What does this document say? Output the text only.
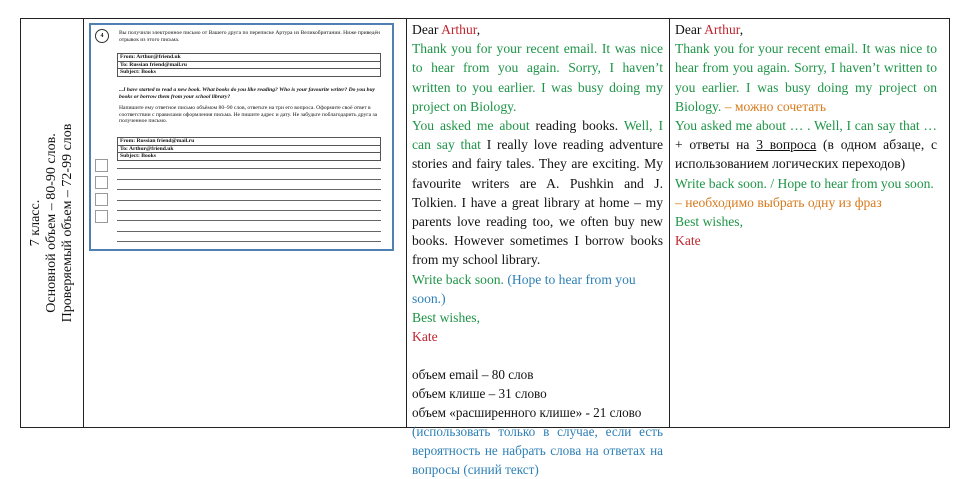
7 класс. Основной объем – 80-90 слов. Проверяемый объем – 72-99 слов
4	Вы получили электронное письмо от Вашего друга по переписке Артура из Великобритании. Ниже приведён отрывок из этого письма.
From: Arthur@friend.uk
To: Russian friend@mail.ru
Subject: Books
...I have started to read a new book. What books do you like reading? Who is your favourite writer? Do you buy books or borrow them from your school library?
Напишите ему ответное письмо объёмом 80–90 слов, ответьте на три его вопроса. Оформите своё ответ в соответствии с правилами оформления письма. Не пишите адрес и дату. Не забудьте поблагодарить друга за полученное письмо.
From: Russian friend@mail.ru
To: Arthur@friend.uk
Subject: Books

Dear Arthur,

Thank you for your recent email. It was nice to hear from you again. Sorry, I haven’t written to you earlier. I was busy doing my project on Biology.

You asked me about reading books. Well, I can say that I really love reading adventure stories and fairy tales. They are exciting. My favourite writers are A. Pushkin and J. Tolkien. I have a great library at home – my parents love reading too, we often buy new books. However sometimes I borrow books from my school library.

Write back soon. (Hope to hear from you soon.)

Best wishes,

Kate

объем email – 80 слов

объем клише – 31 слово

объем «расширенного клише» - 21 слово

(использовать только в случае, если есть вероятность не набрать слова на ответах на вопросы (синий текст)

Dear Arthur,

Thank you for your recent email. It was nice to hear from you again. Sorry, I haven’t written to you earlier. I was busy doing my project on Biology. – можно сочетать

You asked me about … . Well, I can say that … + ответы на 3 вопроса (в одном абзаце, с использованием логических переходов)

Write back soon. / Hope to hear from you soon. – необходимо выбрать одну из фраз

Best wishes,

Kate
